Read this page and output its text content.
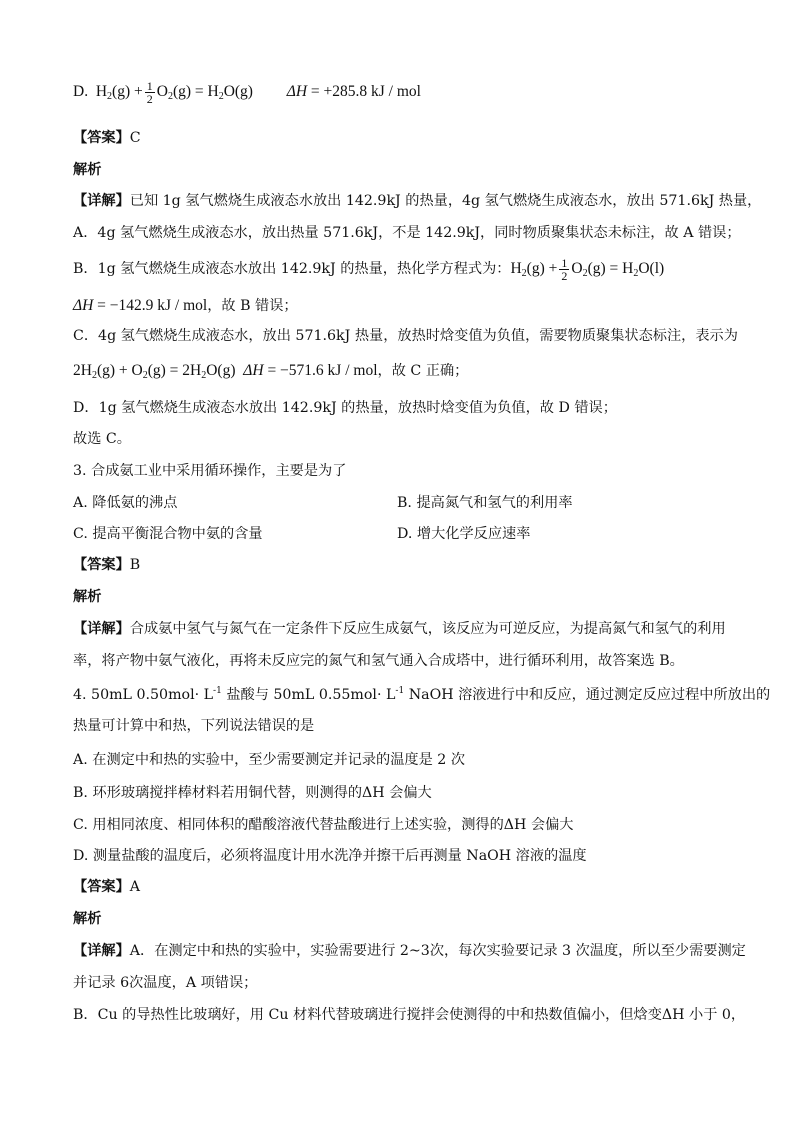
D. $H_2(g) + \frac{1}{2} O_2(g) = H_2O(g) \Delta H = +285.8$ kJ / mol
【答案】C
解析
【详解】已知 1g 氢气燃烧生成液态水放出 142.9kJ 的热量，4g 氢气燃烧生成液态水，放出 571.6kJ 热量，
A．4g 氢气燃烧生成液态水，放出热量 571.6kJ，不是 142.9kJ，同时物质聚集状态未标注，故 A 错误；
B．1g 氢气燃烧生成液态水放出 142.9kJ 的热量，热化学方程式为：$H_2(g) + \frac{1}{2} O_2(g) = H_2O(l)$
ΔH = −142.9 kJ / mol，故 B 错误；
C．4g 氢气燃烧生成液态水，放出 571.6kJ 热量，放热时焓变值为负值，需要物质聚集状态标注，表示为
$2H_2(g) + O_2(g) = 2H_2O(g) \Delta H = -571.6$ kJ / mol，故 C 正确；
D．1g 氢气燃烧生成液态水放出 142.9kJ 的热量，放热时焓变值为负值，故 D 错误；
故选 C。
3. 合成氨工业中采用循环操作，主要是为了
A. 降低氨的沸点	B. 提高氮气和氢气的利用率
C. 提高平衡混合物中氨的含量	D. 增大化学反应速率
【答案】B
解析
【详解】合成氨中氢气与氮气在一定条件下反应生成氨气，该反应为可逆反应，为提高氮气和氢气的利用
率，将产物中氨气液化，再将未反应完的氮气和氢气通入合成塔中，进行循环利用，故答案选 B。
4. 50mL $0.50mol\cdot L^{-1}$ 盐酸与 50mL $0.55mol\cdot L^{-1}$ NaOH 溶液进行中和反应，通过测定反应过程中所放出的
热量可计算中和热，下列说法错误的是
A. 在测定中和热的实验中，至少需要测定并记录的温度是 2 次
B. 环形玻璃搅拌棒材料若用铜代替，则测得的ΔH 会偏大
C. 用相同浓度、相同体积的醋酸溶液代替盐酸进行上述实验，测得的ΔH 会偏大
D. 测量盐酸的温度后，必须将温度计用水洗净并擦干后再测量 NaOH 溶液的温度
【答案】A
解析
【详解】A．在测定中和热的实验中，实验需要进行 2~3次，每次实验要记录 3 次温度，所以至少需要测定
并记录 6次温度，A 项错误；
B．Cu 的导热性比玻璃好，用 Cu 材料代替玻璃进行搅拌会使测得的中和热数值偏小，但焓变ΔH 小于 0，
